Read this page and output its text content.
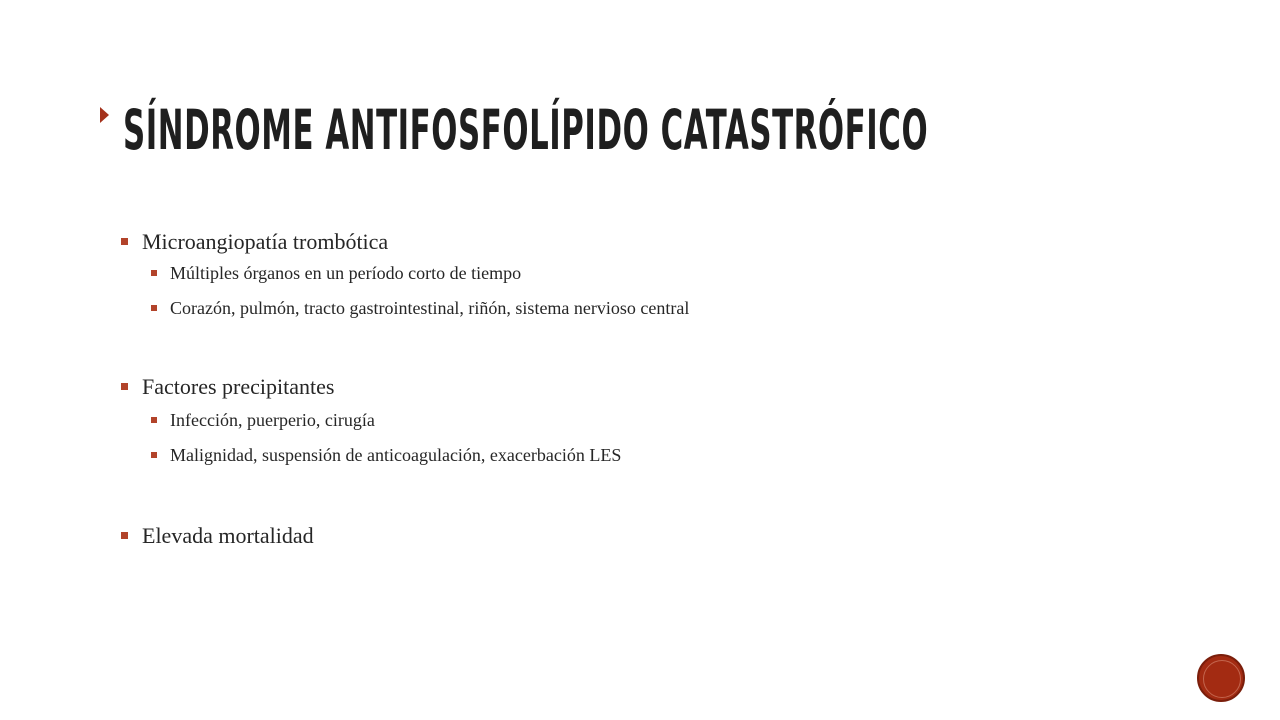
SÍNDROME ANTIFOSFOLÍPIDO CATASTRÓFICO
Microangiopatía trombótica
Múltiples órganos en un período corto de tiempo
Corazón, pulmón, tracto gastrointestinal, riñón, sistema nervioso central
Factores precipitantes
Infección, puerperio, cirugía
Malignidad, suspensión de anticoagulación, exacerbación LES
Elevada mortalidad
